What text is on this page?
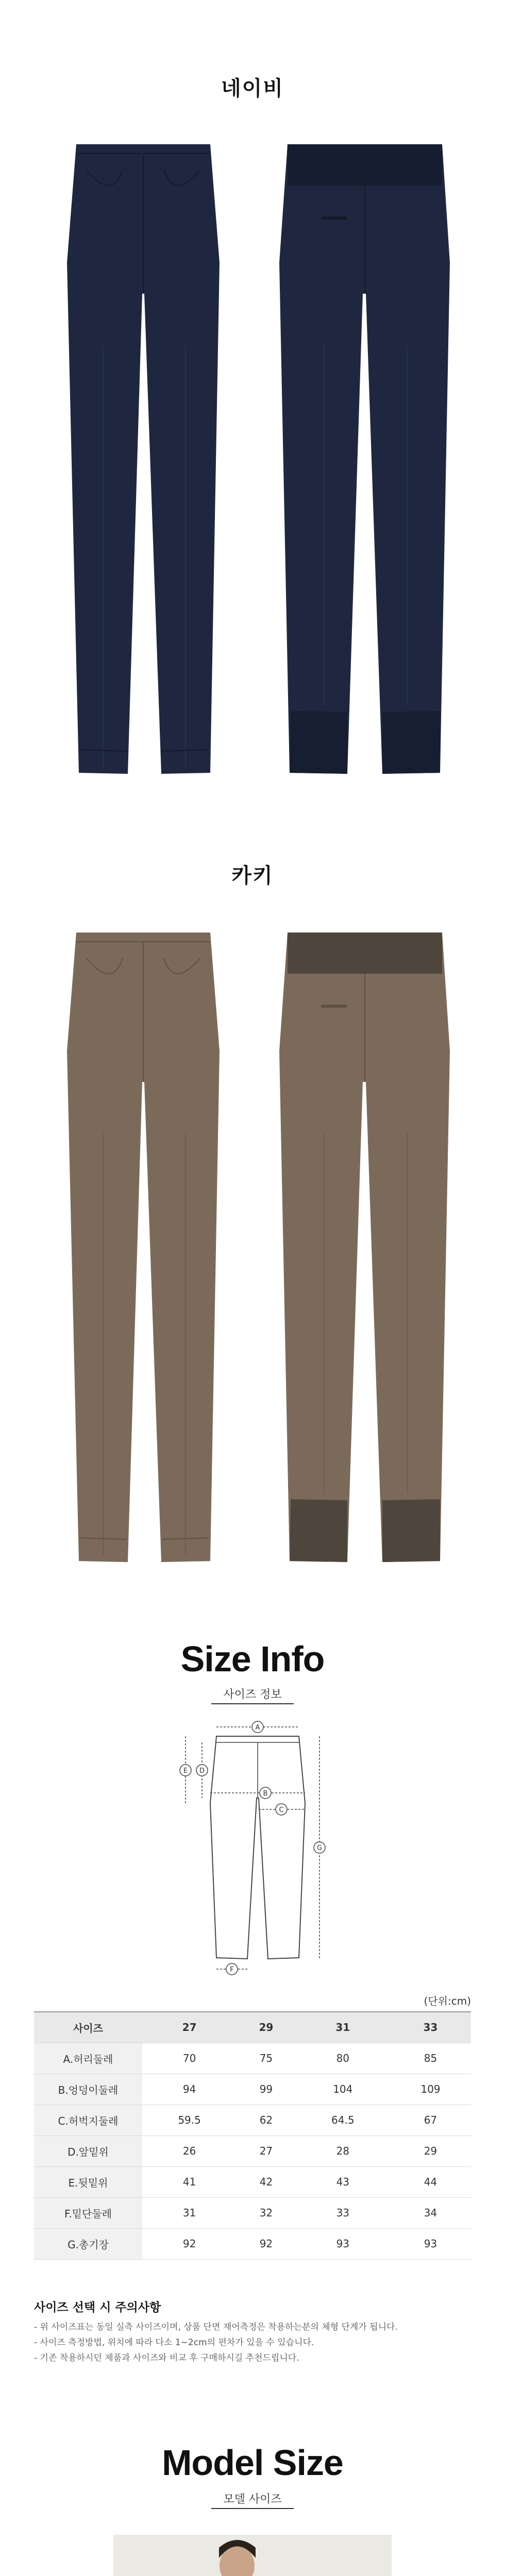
네이비
카키
Size Info
사이즈 정보
A
B
C
D
E
F
G
(단위:cm)
사이즈	27	29	31	33
A.허리둘레	70	75	80	85
B.엉덩이둘레	94	99	104	109
C.허벅지둘레	59.5	62	64.5	67
D.앞밑위	26	27	28	29
E.뒷밑위	41	42	43	44
F.밑단둘레	31	32	33	34
G.총기장	92	92	93	93
사이즈 선택 시 주의사항
- 위 사이즈표는 동일 실측 사이즈이며, 상품 단면 재어측정은 착용하는분의 체형 단계가 됩니다.
- 사이즈 측정방법, 위치에 따라 다소 1~2cm의 편차가 있을 수 있습니다.
- 기존 착용하시던 제품과 사이즈와 비교 후 구매하시길 추천드립니다.
Model Size
모델 사이즈
